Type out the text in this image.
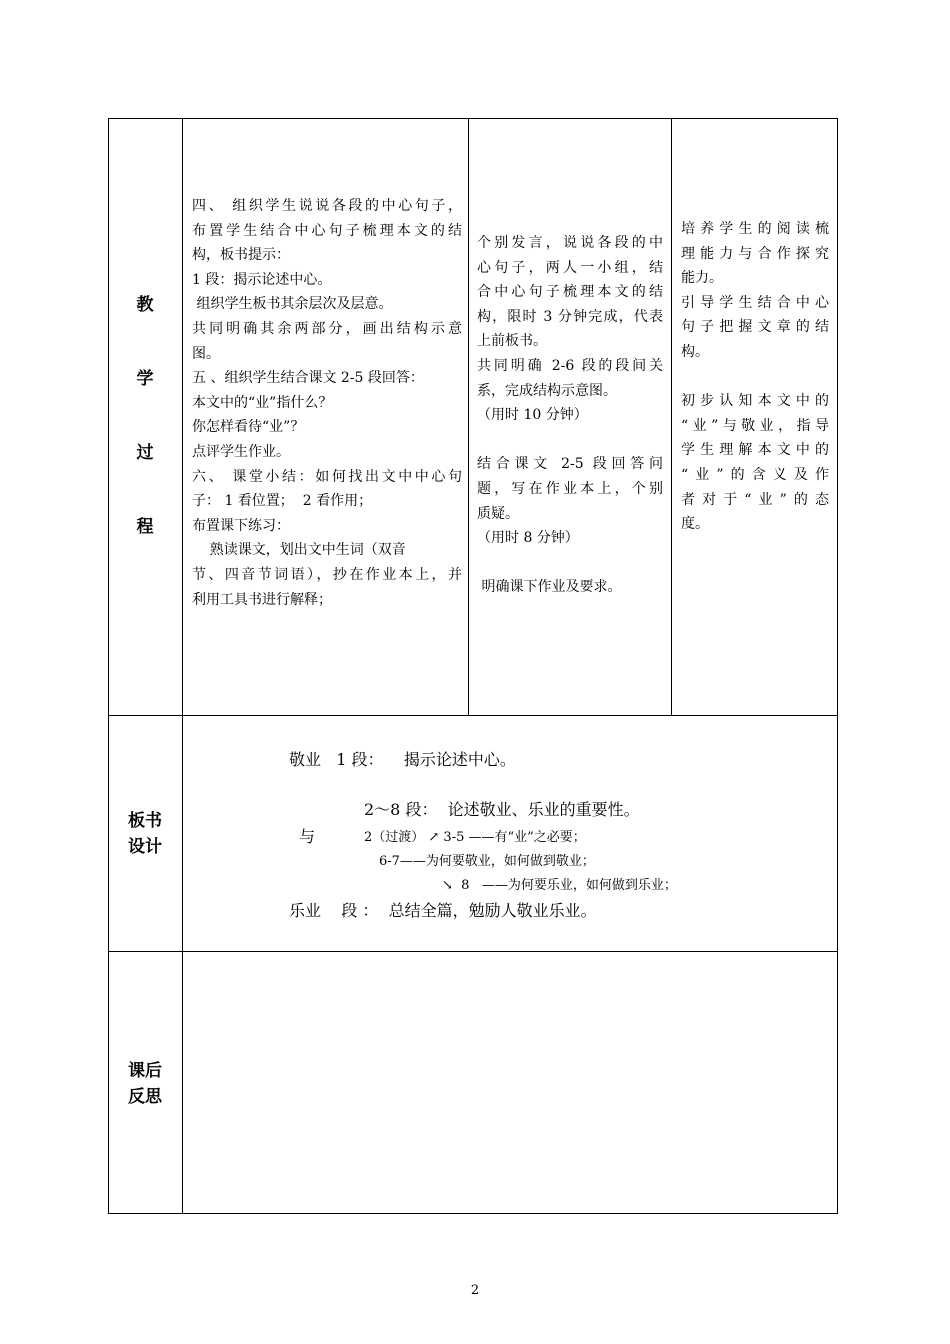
教
学
过
程

四、 组织学生说说各段的中心句子，

布置学生结合中心句子梳理本文的结

构，板书提示：

1 段：揭示论述中心。

组织学生板书其余层次及层意。

共同明确其余两部分，画出结构示意

图。

五 、组织学生结合课文 2-5 段回答：

本文中的“业”指什么？

你怎样看待“业”？

点评学生作业。

六、 课堂小结：如何找出文中中心句

子： 1 看位置；  2 看作用；

布置课下练习：

熟读课文，划出文中生词（双音

节、四音节词语），抄在作业本上，并

利用工具书进行解释；

个别发言，说说各段的中

心句子，两人一小组，结

合中心句子梳理本文的结

构，限时 3 分钟完成，代表

上前板书。

共同明确 2-6 段的段间关

系，完成结构示意图。

（用时 10 分钟）

结合课文 2-5 段回答问

题，写在作业本上，个别

质疑。

（用时 8 分钟）

明确课下作业及要求。

培养学生的阅读梳

理能力与合作探究

能力。

引导学生结合中心

句子把握文章的结

构。

初步认知本文中的

“业”与敬业，指导

学生理解本文中的

“业”的含义及作

者对于“业”的态

度。

板书
设计
敬业   1 段：    揭示论述中心。
2～8 段：  论述敬业、乐业的重要性。
与	2（过渡） ↗ 3-5 ——有“业”之必要；
6-7——为何要敬业，如何做到敬业；
↘  8   ——为何要乐业，如何做到乐业；
乐业    段 ：  总结全篇，勉励人敬业乐业。
课后
反思
2
